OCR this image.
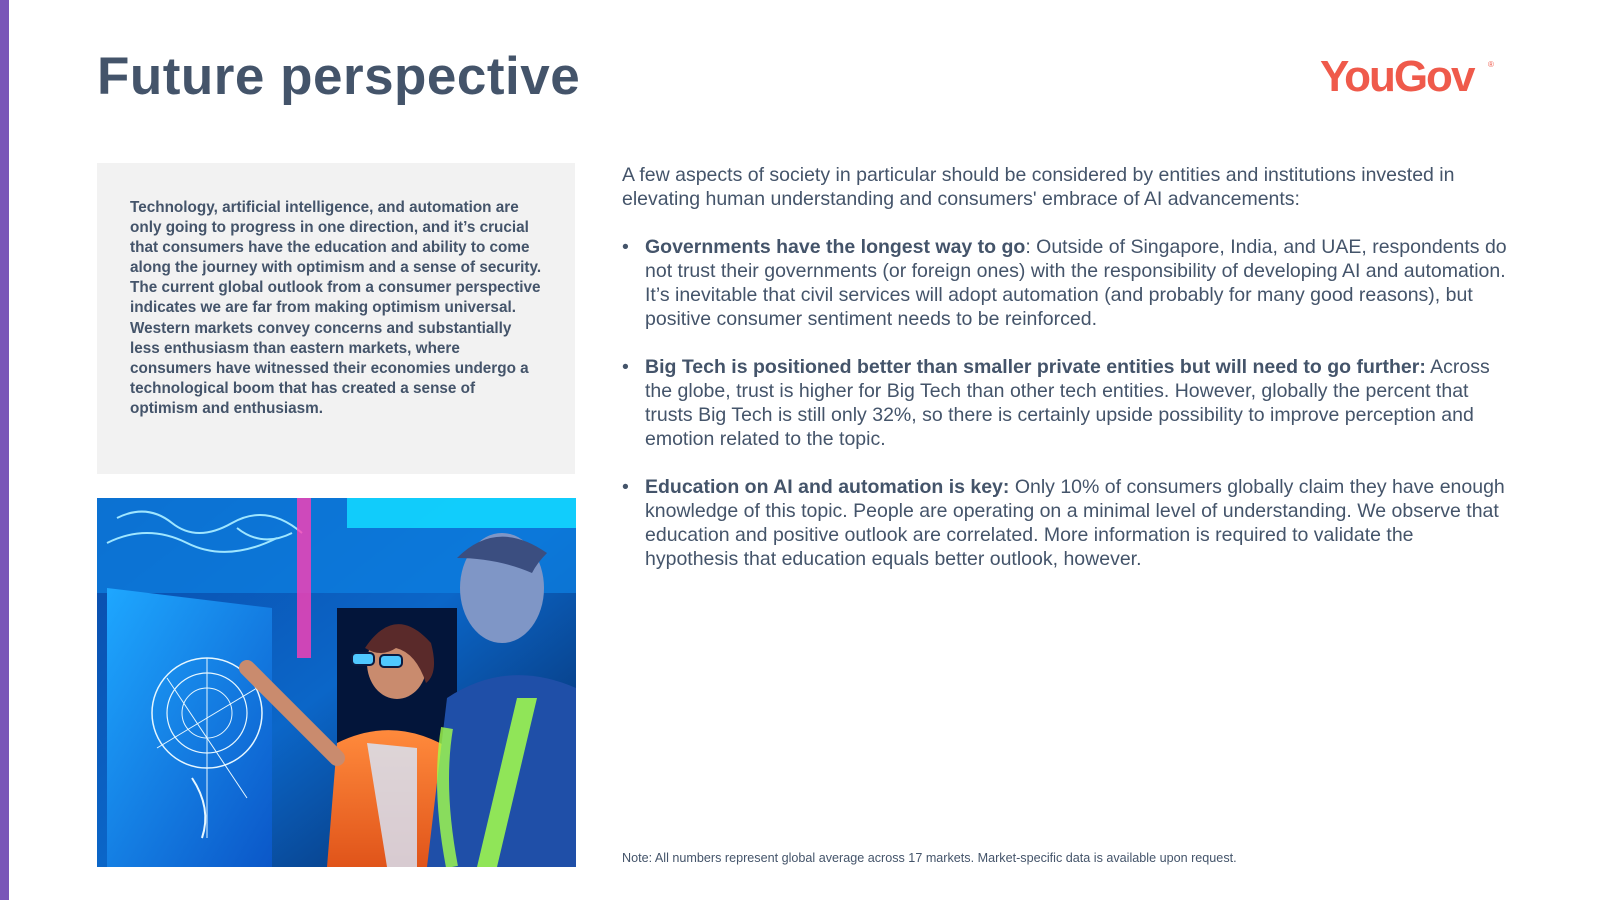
Future perspective	YouGov ®

Technology, artificial intelligence, and automation are only going to progress in one direction, and it’s crucial that consumers have the education and ability to come along the journey with optimism and a sense of security. The current global outlook from a consumer perspective indicates we are far from making optimism universal. Western markets convey concerns and substantially less enthusiasm than eastern markets, where consumers have witnessed their economies undergo a technological boom that has created a sense of optimism and enthusiasm.

A few aspects of society in particular should be considered by entities and institutions invested in elevating human understanding and consumers' embrace of AI advancements:

• Governments have the longest way to go: Outside of Singapore, India, and UAE, respondents do not trust their governments (or foreign ones) with the responsibility of developing AI and automation. It’s inevitable that civil services will adopt automation (and probably for many good reasons), but positive consumer sentiment needs to be reinforced.
• Big Tech is positioned better than smaller private entities but will need to go further: Across the globe, trust is higher for Big Tech than other tech entities. However, globally the percent that trusts Big Tech is still only 32%, so there is certainly upside possibility to improve perception and emotion related to the topic.
• Education on AI and automation is key: Only 10% of consumers globally claim they have enough knowledge of this topic. People are operating on a minimal level of understanding. We observe that education and positive outlook are correlated. More information is required to validate the hypothesis that education equals better outlook, however.

Note: All numbers represent global average across 17 markets. Market-specific data is available upon request.
